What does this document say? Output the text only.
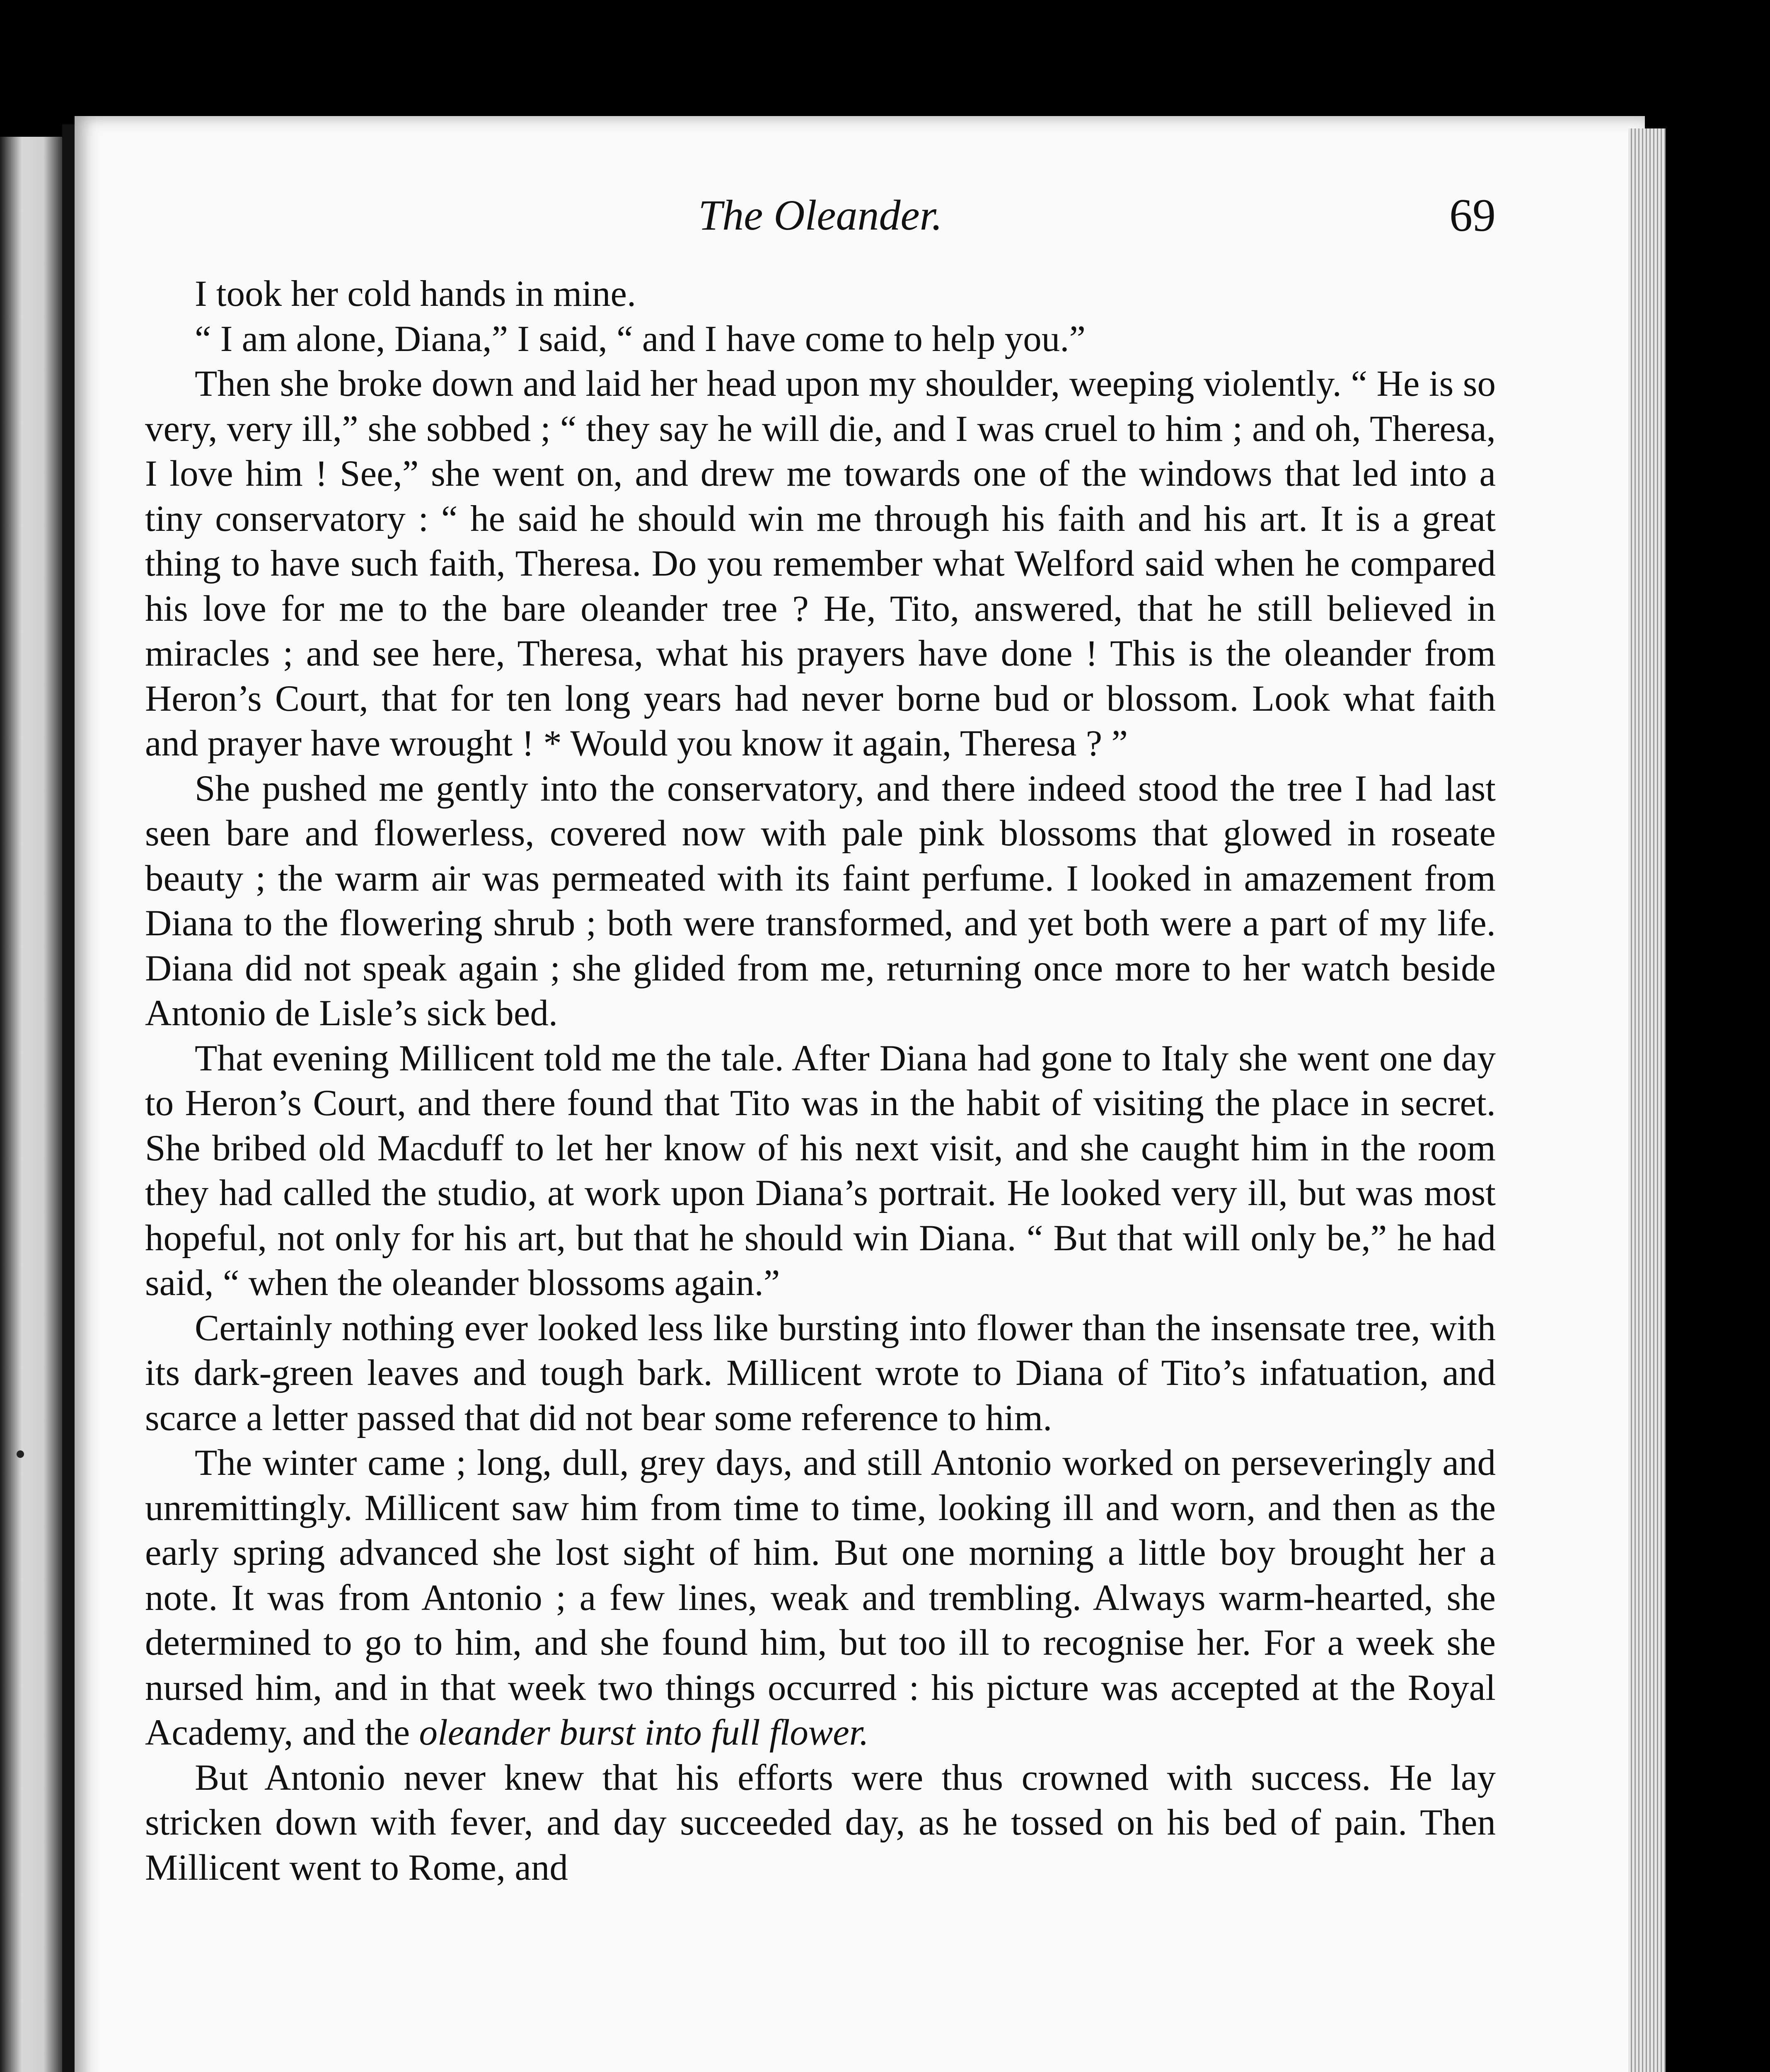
The Oleander.	69

I took her cold hands in mine.

“ I am alone, Diana,” I said, “ and I have come to help you.”

Then she broke down and laid her head upon my shoulder, weeping violently. “ He is so very, very ill,” she sobbed ; “ they say he will die, and I was cruel to him ; and oh, Theresa, I love him ! See,” she went on, and drew me towards one of the windows that led into a tiny conservatory : “ he said he should win me through his faith and his art. It is a great thing to have such faith, Theresa. Do you remember what Welford said when he compared his love for me to the bare oleander tree ? He, Tito, answered, that he still believed in miracles ; and see here, Theresa, what his prayers have done ! This is the oleander from Heron’s Court, that for ten long years had never borne bud or blossom. Look what faith and prayer have wrought ! * Would you know it again, Theresa ? ”

She pushed me gently into the conservatory, and there indeed stood the tree I had last seen bare and flowerless, covered now with pale pink blossoms that glowed in roseate beauty ; the warm air was permeated with its faint perfume. I looked in amazement from Diana to the flowering shrub ; both were transformed, and yet both were a part of my life. Diana did not speak again ; she glided from me, returning once more to her watch beside Antonio de Lisle’s sick bed.

That evening Millicent told me the tale. After Diana had gone to Italy she went one day to Heron’s Court, and there found that Tito was in the habit of visiting the place in secret. She bribed old Macduff to let her know of his next visit, and she caught him in the room they had called the studio, at work upon Diana’s portrait. He looked very ill, but was most hopeful, not only for his art, but that he should win Diana. “ But that will only be,” he had said, “ when the oleander blossoms again.”

Certainly nothing ever looked less like bursting into flower than the insensate tree, with its dark-green leaves and tough bark. Millicent wrote to Diana of Tito’s infatuation, and scarce a letter passed that did not bear some reference to him.

The winter came ; long, dull, grey days, and still Antonio worked on perseveringly and unremittingly. Millicent saw him from time to time, looking ill and worn, and then as the early spring advanced she lost sight of him. But one morning a little boy brought her a note. It was from Antonio ; a few lines, weak and trembling. Always warm-hearted, she determined to go to him, and she found him, but too ill to recognise her. For a week she nursed him, and in that week two things occurred : his picture was accepted at the Royal Academy, and the oleander burst into full flower.

But Antonio never knew that his efforts were thus crowned with success. He lay stricken down with fever, and day succeeded day, as he tossed on his bed of pain. Then Millicent went to Rome, and
